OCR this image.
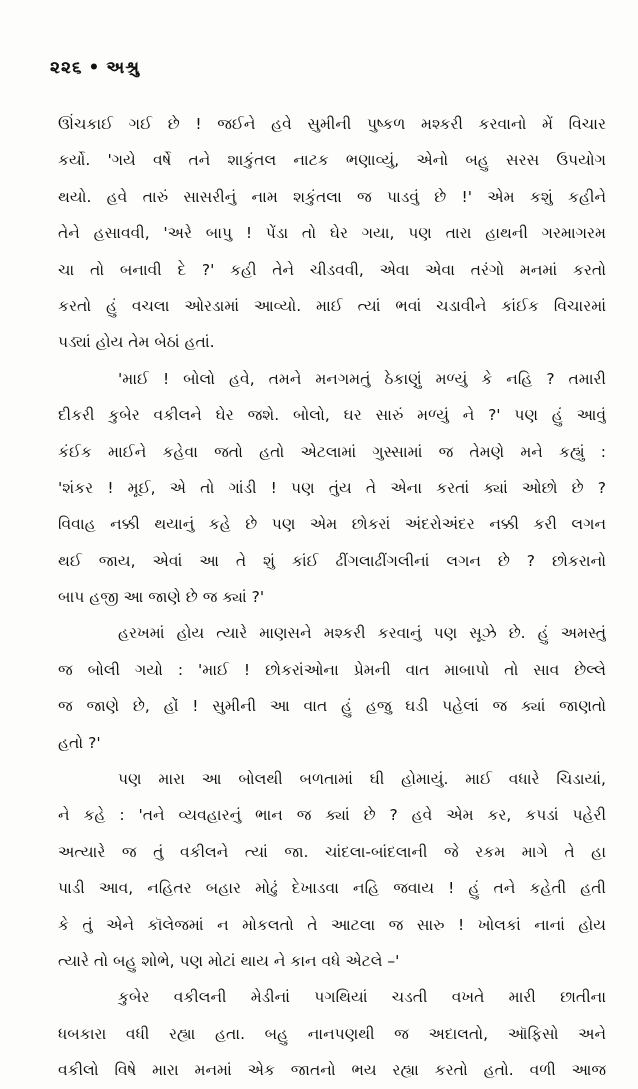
૨૨૬ • અશ્રુ
ઊંચકાઈ ગઈ છે ! જઈને હવે સુમીની પુષ્કળ મશ્કરી કરવાનો મેં વિચાર
કર્યો. 'ગયે વર્ષે તને શાકુંતલ નાટક ભણાવ્યું, એનો બહુ સરસ ઉપયોગ
થયો. હવે તારું સાસરીનું નામ શકુંતલા જ પાડવું છે !' એમ કશું કહીને
તેને હસાવવી, 'અરે બાપુ ! પેંડા તો ઘેર ગયા, પણ તારા હાથની ગરમાગરમ
ચા તો બનાવી દે ?' કહી તેને ચીડવવી, એવા એવા તરંગો મનમાં કરતો
કરતો હું વચલા ઓરડામાં આવ્યો. માઈ ત્યાં ભવાં ચડાવીને કાંઈક વિચારમાં
પડ્યાં હોય તેમ બેઠાં હતાં.
'માઈ ! બોલો હવે, તમને મનગમતું ઠેકાણું મળ્યું કે નહિ ? તમારી
દીકરી કુબેર વકીલને ઘેર જશે. બોલો, ઘર સારું મળ્યું ને ?' પણ હું આવું
કંઈક માઈને કહેવા જતો હતો એટલામાં ગુસ્સામાં જ તેમણે મને કહ્યું :
'શંકર ! મૂઈ, એ તો ગાંડી ! પણ તુંય તે એના કરતાં ક્યાં ઓછો છે ?
વિવાહ નક્કી થયાનું કહે છે પણ એમ છોકરાં અંદરોઅંદર નક્કી કરી લગન
થઈ જાય, એવાં આ તે શું કાંઈ ઢીંગલાઢીંગલીનાં લગન છે ? છોકરાનો
બાપ હજી આ જાણે છે જ ક્યાં ?'
હરખમાં હોય ત્યારે માણસને મશ્કરી કરવાનું પણ સૂઝે છે. હું અમસ્તું
જ બોલી ગયો : 'માઈ ! છોકરાંઓના પ્રેમની વાત માબાપો તો સાવ છેલ્લે
જ જાણે છે, હોં ! સુમીની આ વાત હું હજુ ઘડી પહેલાં જ ક્યાં જાણતો
હતો ?'
પણ મારા આ બોલથી બળતામાં ઘી હોમાયું. માઈ વધારે ચિડાયાં,
ને કહે : 'તને વ્યવહારનું ભાન જ ક્યાં છે ? હવે એમ કર, કપડાં પહેરી
અત્યારે જ તું વકીલને ત્યાં જા. ચાંદલા-બાંદલાની જે રકમ માગે તે હા
પાડી આવ, નહિતર બહાર મોઢું દેખાડવા નહિ જવાય ! હું તને કહેતી હતી
કે તું એને કૉલેજમાં ન મોકલતો તે આટલા જ સારુ ! ખોલકાં નાનાં હોય
ત્યારે તો બહુ શોભે, પણ મોટાં થાય ને કાન વધે એટલે –'
કુબેર વકીલની મેડીનાં પગથિયાં ચડતી વખતે મારી છાતીના
ધબકારા વધી રહ્યા હતા. બહુ નાનપણથી જ અદાલતો, ઑફિસો અને
વકીલો વિષે મારા મનમાં એક જાતનો ભય રહ્યા કરતો હતો. વળી આજ
